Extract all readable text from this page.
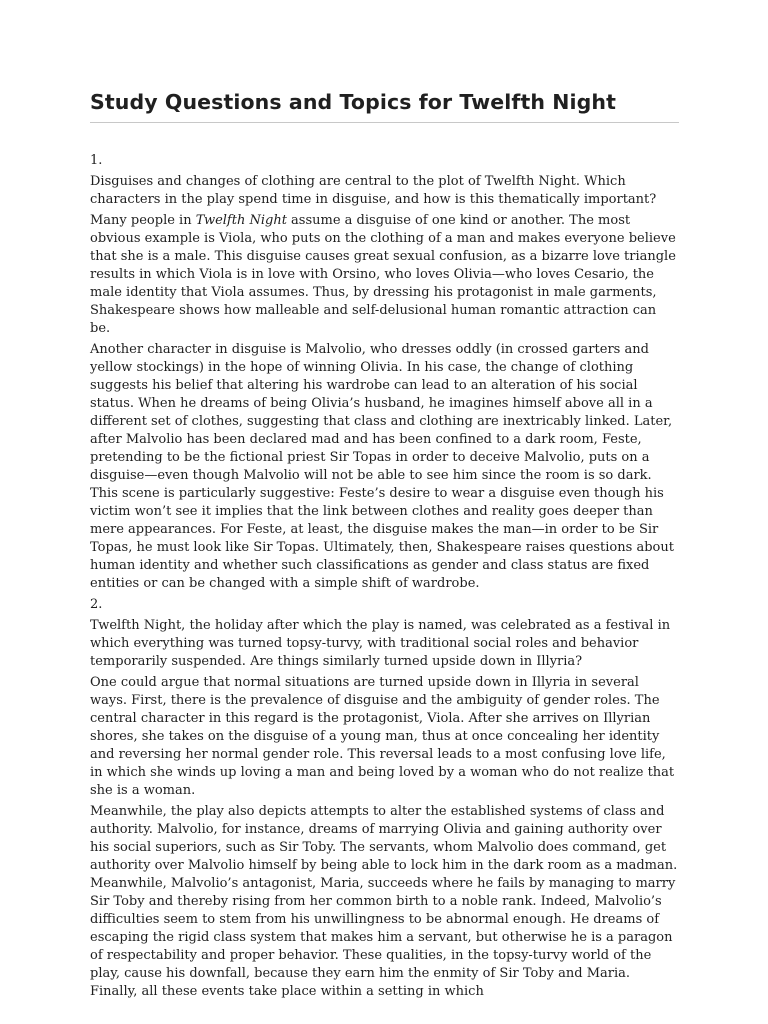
Study Questions and Topics for Twelfth Night

1.

Disguises and changes of clothing are central to the plot of Twelfth Night. Which characters in the play spend time in disguise, and how is this thematically important?

Many people in Twelfth Night assume a disguise of one kind or another. The most obvious example is Viola, who puts on the clothing of a man and makes everyone believe that she is a male. This disguise causes great sexual confusion, as a bizarre love triangle results in which Viola is in love with Orsino, who loves Olivia—who loves Cesario, the male identity that Viola assumes. Thus, by dressing his protagonist in male garments, Shakespeare shows how malleable and self-delusional human romantic attraction can be.

Another character in disguise is Malvolio, who dresses oddly (in crossed garters and yellow stockings) in the hope of winning Olivia. In his case, the change of clothing suggests his belief that altering his wardrobe can lead to an alteration of his social status. When he dreams of being Olivia’s husband, he imagines himself above all in a different set of clothes, suggesting that class and clothing are inextricably linked. Later, after Malvolio has been declared mad and has been confined to a dark room, Feste, pretending to be the fictional priest Sir Topas in order to deceive Malvolio, puts on a disguise—even though Malvolio will not be able to see him since the room is so dark. This scene is particularly suggestive: Feste’s desire to wear a disguise even though his victim won’t see it implies that the link between clothes and reality goes deeper than mere appearances. For Feste, at least, the disguise makes the man—in order to be Sir Topas, he must look like Sir Topas. Ultimately, then, Shakespeare raises questions about human identity and whether such classifications as gender and class status are fixed entities or can be changed with a simple shift of wardrobe.

2.

Twelfth Night, the holiday after which the play is named, was celebrated as a festival in which everything was turned topsy-turvy, with traditional social roles and behavior temporarily suspended. Are things similarly turned upside down in Illyria?

One could argue that normal situations are turned upside down in Illyria in several ways. First, there is the prevalence of disguise and the ambiguity of gender roles. The central character in this regard is the protagonist, Viola. After she arrives on Illyrian shores, she takes on the disguise of a young man, thus at once concealing her identity and reversing her normal gender role. This reversal leads to a most confusing love life, in which she winds up loving a man and being loved by a woman who do not realize that she is a woman.

Meanwhile, the play also depicts attempts to alter the established systems of class and authority. Malvolio, for instance, dreams of marrying Olivia and gaining authority over his social superiors, such as Sir Toby. The servants, whom Malvolio does command, get authority over Malvolio himself by being able to lock him in the dark room as a madman. Meanwhile, Malvolio’s antagonist, Maria, succeeds where he fails by managing to marry Sir Toby and thereby rising from her common birth to a noble rank. Indeed, Malvolio’s difficulties seem to stem from his unwillingness to be abnormal enough. He dreams of escaping the rigid class system that makes him a servant, but otherwise he is a paragon of respectability and proper behavior. These qualities, in the topsy-turvy world of the play, cause his downfall, because they earn him the enmity of Sir Toby and Maria. Finally, all these events take place within a setting in which
